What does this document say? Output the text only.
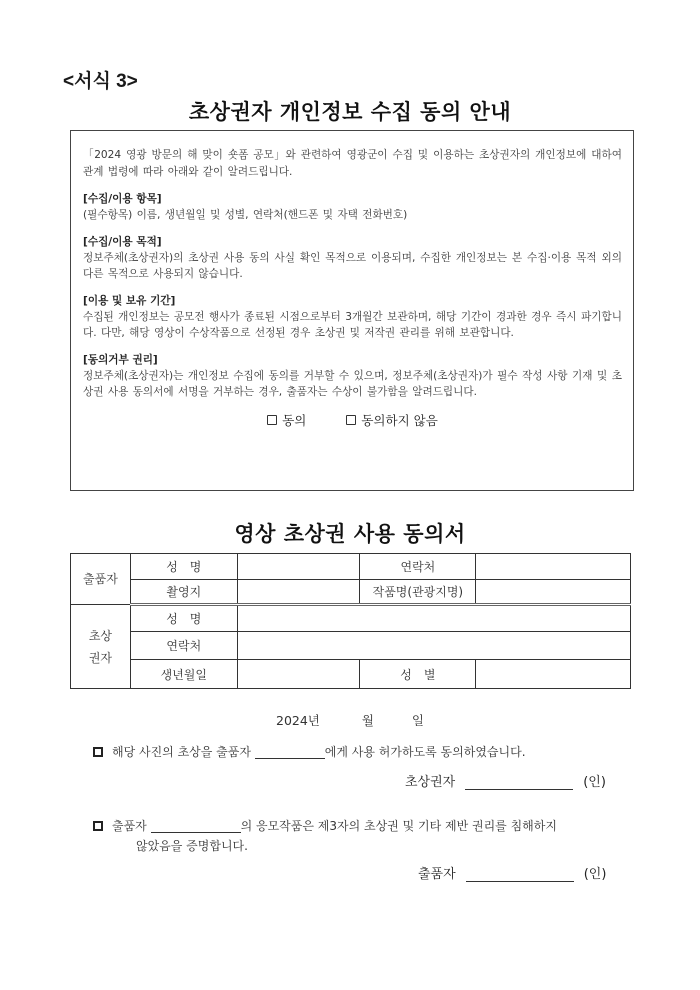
<서식 3>
초상권자 개인정보 수집 동의 안내

「2024 영광 방문의 해 맞이 숏폼 공모」와 관련하여 영광군이 수집 및 이용하는 초상권자의 개인정보에 대하여 관계 법령에 따라 아래와 같이 알려드립니다.

[수집/이용 항목]

(필수항목) 이름, 생년월일 및 성별, 연락처(핸드폰 및 자택 전화번호)

[수집/이용 목적]

정보주체(초상권자)의 초상권 사용 동의 사실 확인 목적으로 이용되며, 수집한 개인정보는 본 수집·이용 목적 외의 다른 목적으로 사용되지 않습니다.

[이용 및 보유 기간]

수집된 개인정보는 공모전 행사가 종료된 시점으로부터 3개월간 보관하며, 해당 기간이 경과한 경우 즉시 파기합니다. 다만, 해당 영상이 수상작품으로 선정된 경우 초상권 및 저작권 관리를 위해 보관합니다.

[동의거부 권리]

정보주체(초상권자)는 개인정보 수집에 동의를 거부할 수 있으며, 정보주체(초상권자)가 필수 작성 사항 기재 및 초상권 사용 동의서에 서명을 거부하는 경우, 출품자는 수상이 불가함을 알려드립니다.

동의	동의하지 않음
영상 초상권 사용 동의서
출품자	성　명		연락처	
	촬영지		작품명(관광지명)	
초상
권자	성　명			
	연락처			
	생년월일		성　별	
2024년	월	일
해당 사진의 초상을 출품자	에게 사용 허가하도록 동의하였습니다.
초상권자	(인)
출품자	의 응모작품은 제3자의 초상권 및 기타 제반 권리를 침해하지
않았음을 증명합니다.
출품자	(인)
